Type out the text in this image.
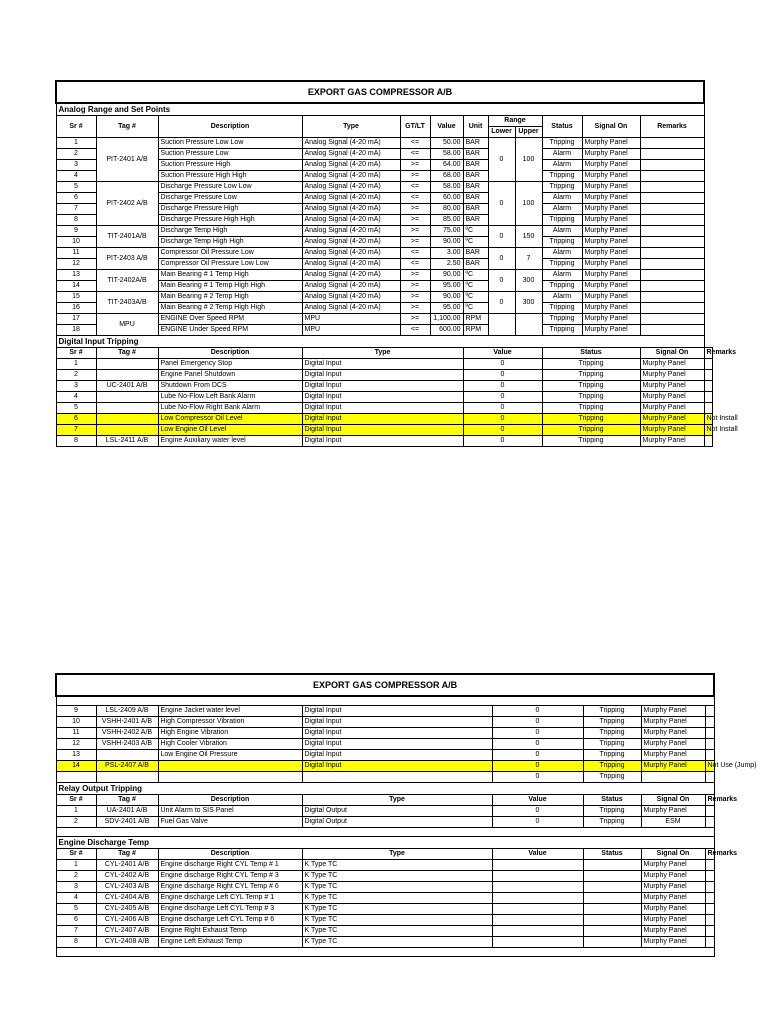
EXPORT GAS COMPRESSOR A/B												
Analog Range and Set Points												
Sr #	Tag #	Description	Type	GT/LT	Value	Unit	Range		Status	Signal On	Remarks	
							Lower	Upper				
1	PIT-2401 A/B	Suction Pressure Low Low	Analog Signal (4-20 mA)	<=	50.00	BAR	0	100	Tripping	Murphy Panel		
2		Suction Pressure Low	Analog Signal (4-20 mA)	<=	58.00	BAR			Alarm	Murphy Panel		
3		Suction Pressure High	Analog Signal (4-20 mA)	>=	64.00	BAR			Alarm	Murphy Panel		
4		Suction Pressure High High	Analog Signal (4-20 mA)	>=	68.00	BAR			Tripping	Murphy Panel		
5	PIT-2402 A/B	Discharge Pressure Low Low	Analog Signal (4-20 mA)	<=	58.00	BAR	0	100	Tripping	Murphy Panel		
6		Discharge Pressure Low	Analog Signal (4-20 mA)	<=	60.00	BAR			Alarm	Murphy Panel		
7		Discharge Pressure High	Analog Signal (4-20 mA)	>=	80.00	BAR			Alarm	Murphy Panel		
8		Discharge Pressure High High	Analog Signal (4-20 mA)	>=	85.00	BAR			Tripping	Murphy Panel		
9	TIT-2401A/B	Discharge Temp High	Analog Signal (4-20 mA)	>=	75.00	ºC	0	150	Alarm	Murphy Panel		
10		Discharge Temp High High	Analog Signal (4-20 mA)	>=	90.00	ºC			Tripping	Murphy Panel		
11	PIT-2403 A/B	Compressor Oil Pressure Low	Analog Signal (4-20 mA)	<=	3.00	BAR	0	7	Alarm	Murphy Panel		
12		Compressor Oil Pressure Low Low	Analog Signal (4-20 mA)	<=	2.50	BAR			Tripping	Murphy Panel		
13	TIT-2402A/B	Main Bearing # 1 Temp High	Analog Signal (4-20 mA)	>=	90.00	ºC	0	300	Alarm	Murphy Panel		
14		Main Bearing # 1 Temp High High	Analog Signal (4-20 mA)	>=	95.00	ºC			Tripping	Murphy Panel		
15	TIT-2403A/B	Main Bearing # 2 Temp High	Analog Signal (4-20 mA)	>=	90.00	ºC	0	300	Alarm	Murphy Panel		
16		Main Bearing # 2 Temp High High	Analog Signal (4-20 mA)	>=	95.00	ºC			Tripping	Murphy Panel		
17	MPU	ENGINE Over Speed RPM	MPU	>=	1,100.00	RPM			Tripping	Murphy Panel		
18		ENGINE Under Speed RPM	MPU	<=	600.00	RPM			Tripping	Murphy Panel		
Digital Input Tripping												
Sr #	Tag #	Description	Type			Value			Status		Signal On	Remarks
1		Panel Emergency Stop	Digital Input			0			Tripping		Murphy Panel	
2		Engine Panel Shutdown	Digital Input			0			Tripping		Murphy Panel	
3	UC-2401 A/B	Shutdown From DCS	Digital Input			0			Tripping		Murphy Panel	
4		Lube No-Flow Left Bank Alarm	Digital Input			0			Tripping		Murphy Panel	
5		Lube No-Flow Right Bank Alarm	Digital Input			0			Tripping		Murphy Panel	
6		Low Compressor Oil Level	Digital Input			0			Tripping		Murphy Panel	Not Install
7		Low Engine Oil Level	Digital Input			0			Tripping		Murphy Panel	Not Install
8	LSL-2411 A/B	Engine Auxiliary water level	Digital Input			0			Tripping		Murphy Panel	
EXPORT GAS COMPRESSOR A/B							

9	LSL-2409 A/B	Engine Jacket water level	Digital Input	0	Tripping	Murphy Panel	
10	VSHH-2401 A/B	High Compressor Vibration	Digital Input	0	Tripping	Murphy Panel	
11	VSHH-2402 A/B	High Engine Vibration	Digital Input	0	Tripping	Murphy Panel	
12	VSHH-2403 A/B	High Cooler Vibration	Digital Input	0	Tripping	Murphy Panel	
13		Low Engine Oil Pressure	Digital Input	0	Tripping	Murphy Panel	
14	PSL-2407 A/B		Digital Input	0	Tripping	Murphy Panel	Not Use (Jump)
				0	Tripping		
Relay Output Tripping							
Sr #	Tag #	Description	Type	Value	Status	Signal On	Remarks
1	UA-2401 A/B	Unit Alarm to SIS Panel	Digital Output	0	Tripping	Murphy Panel	
2	SDV-2401 A/B	Fuel Gas Valve	Digital Output	0	Tripping	ESM	

Engine Discharge Temp							
Sr #	Tag #	Description	Type	Value	Status	Signal On	Remarks
1	CYL-2401 A/B	Engine discharge Right CYL Temp # 1	K Type TC			Murphy Panel	
2	CYL-2402 A/B	Engine discharge Right CYL Temp # 3	K Type TC			Murphy Panel	
3	CYL-2403 A/B	Engine discharge Right CYL Temp # 6	K Type TC			Murphy Panel	
4	CYL-2404 A/B	Engine discharge Left CYL Temp # 1	K Type TC			Murphy Panel	
5	CYL-2405 A/B	Engine discharge Left CYL Temp # 3	K Type TC			Murphy Panel	
6	CYL-2406 A/B	Engine discharge Left CYL Temp # 6	K Type TC			Murphy Panel	
7	CYL-2407 A/B	Engine Right Exhaust Temp	K Type TC			Murphy Panel	
8	CYL-2408 A/B	Engine Left Exhaust Temp	K Type TC			Murphy Panel	
